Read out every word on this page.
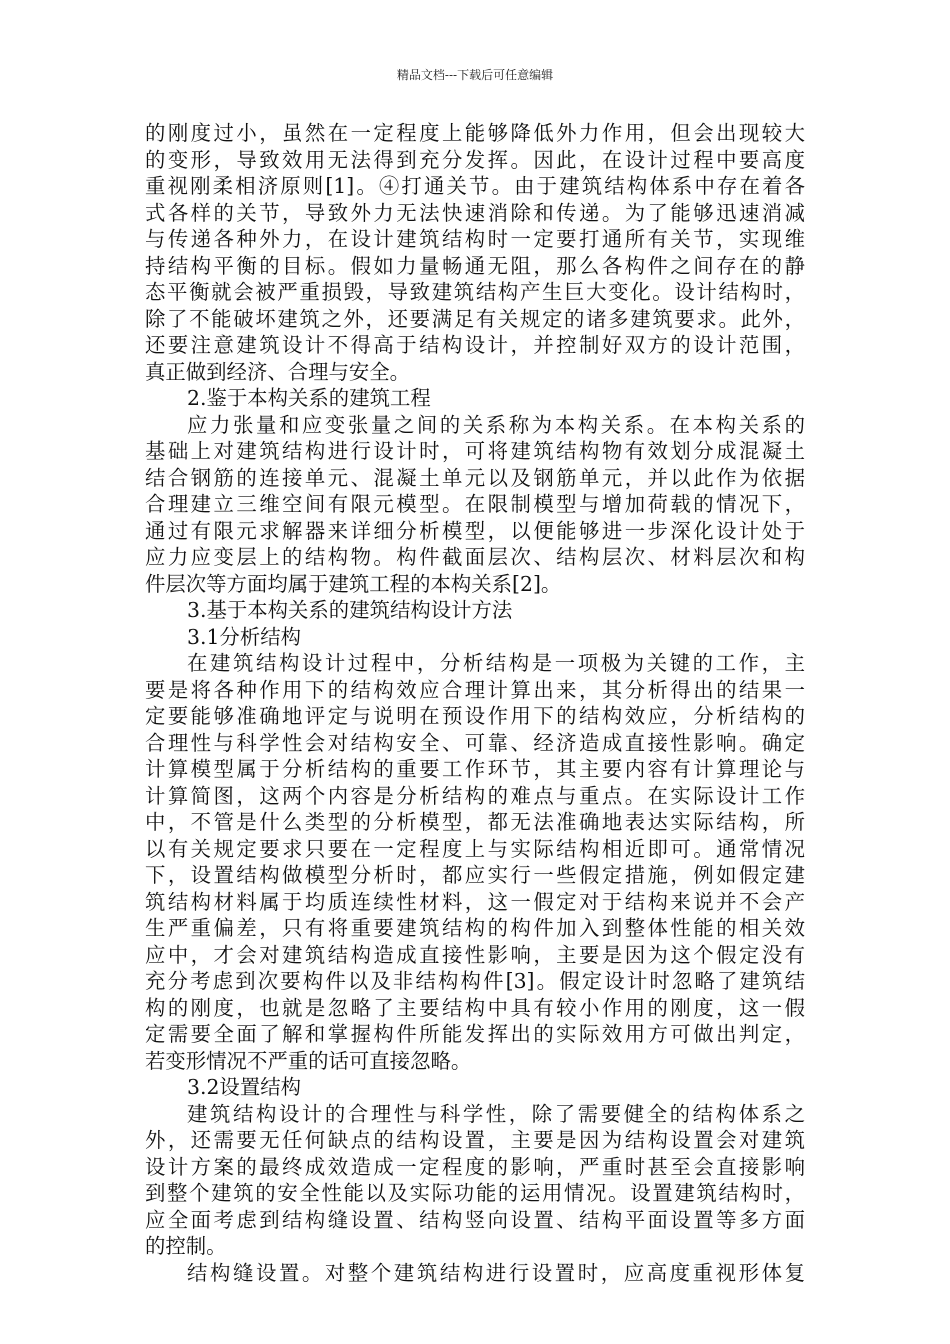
精品文档---下载后可任意编辑
的刚度过小，虽然在一定程度上能够降低外力作用，但会出现较大
的变形，导致效用无法得到充分发挥。因此，在设计过程中要高度
重视刚柔相济原则[1]。④打通关节。由于建筑结构体系中存在着各
式各样的关节，导致外力无法快速消除和传递。为了能够迅速消减
与传递各种外力，在设计建筑结构时一定要打通所有关节，实现维
持结构平衡的目标。假如力量畅通无阻，那么各构件之间存在的静
态平衡就会被严重损毁，导致建筑结构产生巨大变化。设计结构时，
除了不能破坏建筑之外，还要满足有关规定的诸多建筑要求。此外，
还要注意建筑设计不得高于结构设计，并控制好双方的设计范围，
真正做到经济、合理与安全。
2.鉴于本构关系的建筑工程
应力张量和应变张量之间的关系称为本构关系。在本构关系的
基础上对建筑结构进行设计时，可将建筑结构物有效划分成混凝土
结合钢筋的连接单元、混凝土单元以及钢筋单元，并以此作为依据
合理建立三维空间有限元模型。在限制模型与增加荷载的情况下，
通过有限元求解器来详细分析模型，以便能够进一步深化设计处于
应力应变层上的结构物。构件截面层次、结构层次、材料层次和构
件层次等方面均属于建筑工程的本构关系[2]。
3.基于本构关系的建筑结构设计方法
3.1分析结构
在建筑结构设计过程中，分析结构是一项极为关键的工作，主
要是将各种作用下的结构效应合理计算出来，其分析得出的结果一
定要能够准确地评定与说明在预设作用下的结构效应，分析结构的
合理性与科学性会对结构安全、可靠、经济造成直接性影响。确定
计算模型属于分析结构的重要工作环节，其主要内容有计算理论与
计算简图，这两个内容是分析结构的难点与重点。在实际设计工作
中，不管是什么类型的分析模型，都无法准确地表达实际结构，所
以有关规定要求只要在一定程度上与实际结构相近即可。通常情况
下，设置结构做模型分析时，都应实行一些假定措施，例如假定建
筑结构材料属于均质连续性材料，这一假定对于结构来说并不会产
生严重偏差，只有将重要建筑结构的构件加入到整体性能的相关效
应中，才会对建筑结构造成直接性影响，主要是因为这个假定没有
充分考虑到次要构件以及非结构构件[3]。假定设计时忽略了建筑结
构的刚度，也就是忽略了主要结构中具有较小作用的刚度，这一假
定需要全面了解和掌握构件所能发挥出的实际效用方可做出判定，
若变形情况不严重的话可直接忽略。
3.2设置结构
建筑结构设计的合理性与科学性，除了需要健全的结构体系之
外，还需要无任何缺点的结构设置，主要是因为结构设置会对建筑
设计方案的最终成效造成一定程度的影响，严重时甚至会直接影响
到整个建筑的安全性能以及实际功能的运用情况。设置建筑结构时，
应全面考虑到结构缝设置、结构竖向设置、结构平面设置等多方面
的控制。
结构缝设置。对整个建筑结构进行设置时，应高度重视形体复
